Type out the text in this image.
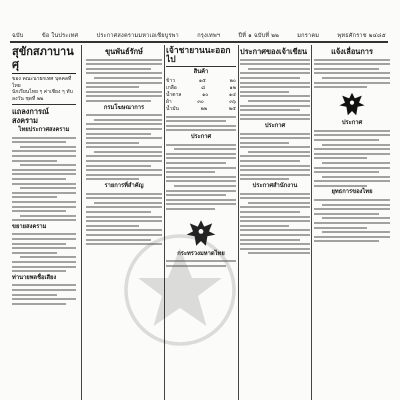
ฉบับ	ข้อ ในประเทศ	ประกาศสงครามมหาเอเซียบูรพา	กรุงเทพฯ	ปีที่ ๑ ฉบับที่ ๒๒	มกราคม	พุทธศักราช ๒๔๘๕
สุขักสภาบานศุ
ของ คณะนายกเทศ บุคคลที่ไทย
นักเรียนไทย ๆ ค่าเชียง ๆ ทับ
ลงวัน ชุดที่ ๒๒
แถลงการณ์ สงคราม
ไทยประกาศสงคราม
ขยายสงคราม
ท่านายพลชื่อเสียง
ขุนพันธ์รักษ์
กรมโฆษณาการ
รายการที่สำคัญ
เจ้าชายานนะออกไป
สินค้า
ข้าว	๑๕	๒๐
เกลือ	๘	๑๒
น้ำตาล	๑๐	๑๔
ผ้า	๓๐	๓๖
น้ำมัน	๒๒	๒๕
ประกาศ
กระทรวงมหาดไทย
ประกาศของเจ้าเขียน
ประกาศ
ประกาศสำนักงาน
แจ้งเลื่อนการ
ประกาศ
ยุทธการของไทย
